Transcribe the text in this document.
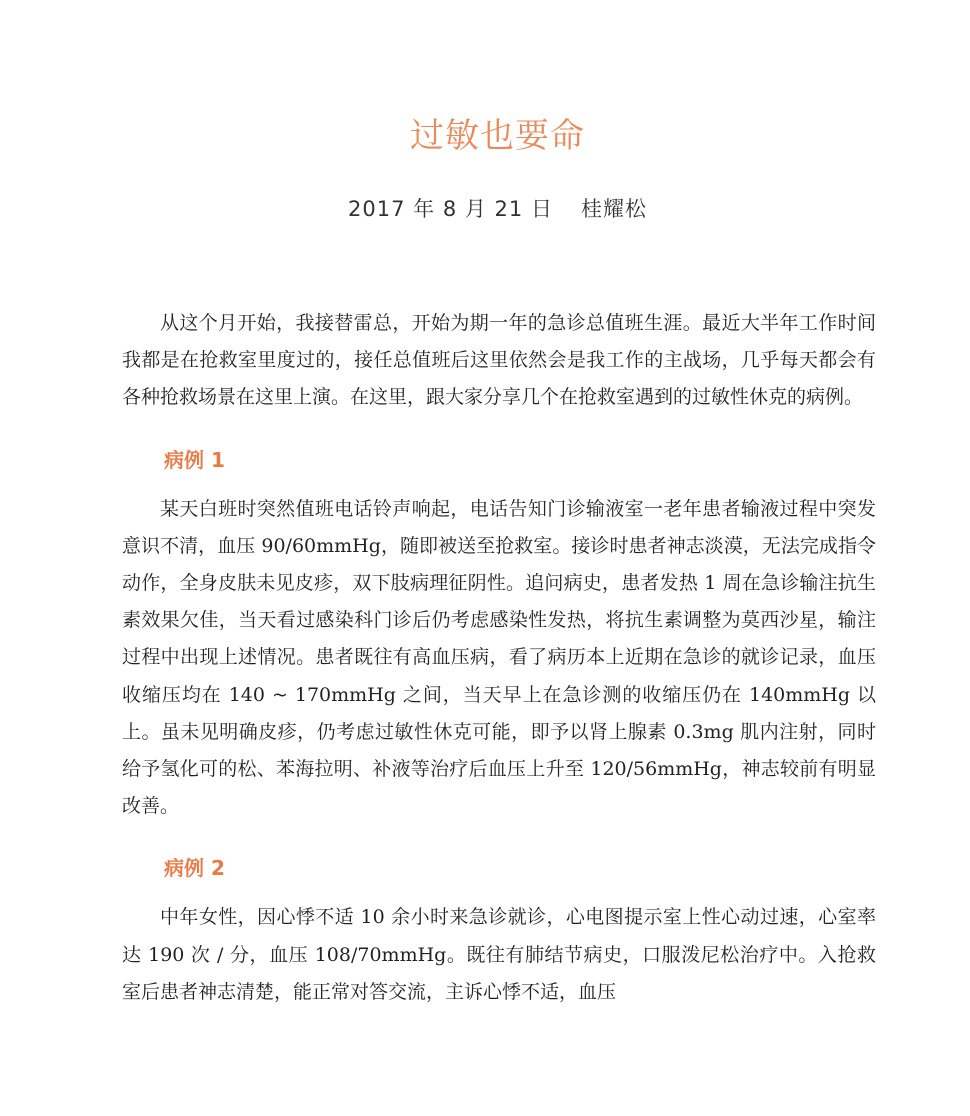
过敏也要命

2017 年 8 月 21 日 桂耀松

从这个月开始，我接替雷总，开始为期一年的急诊总值班生涯。最近大半年工作时间我都是在抢救室里度过的，接任总值班后这里依然会是我工作的主战场，几乎每天都会有各种抢救场景在这里上演。在这里，跟大家分享几个在抢救室遇到的过敏性休克的病例。

病例 1

某天白班时突然值班电话铃声响起，电话告知门诊输液室一老年患者输液过程中突发意识不清，血压 90/60mmHg，随即被送至抢救室。接诊时患者神志淡漠，无法完成指令动作，全身皮肤未见皮疹，双下肢病理征阴性。追问病史，患者发热 1 周在急诊输注抗生素效果欠佳，当天看过感染科门诊后仍考虑感染性发热，将抗生素调整为莫西沙星，输注过程中出现上述情况。患者既往有高血压病，看了病历本上近期在急诊的就诊记录，血压收缩压均在 140 ~ 170mmHg 之间，当天早上在急诊测的收缩压仍在 140mmHg 以上。虽未见明确皮疹，仍考虑过敏性休克可能，即予以肾上腺素 0.3mg 肌内注射，同时给予氢化可的松、苯海拉明、补液等治疗后血压上升至 120/56mmHg，神志较前有明显改善。

病例 2

中年女性，因心悸不适 10 余小时来急诊就诊，心电图提示室上性心动过速，心室率达 190 次 / 分，血压 108/70mmHg。既往有肺结节病史，口服泼尼松治疗中。入抢救室后患者神志清楚，能正常对答交流，主诉心悸不适，血压
